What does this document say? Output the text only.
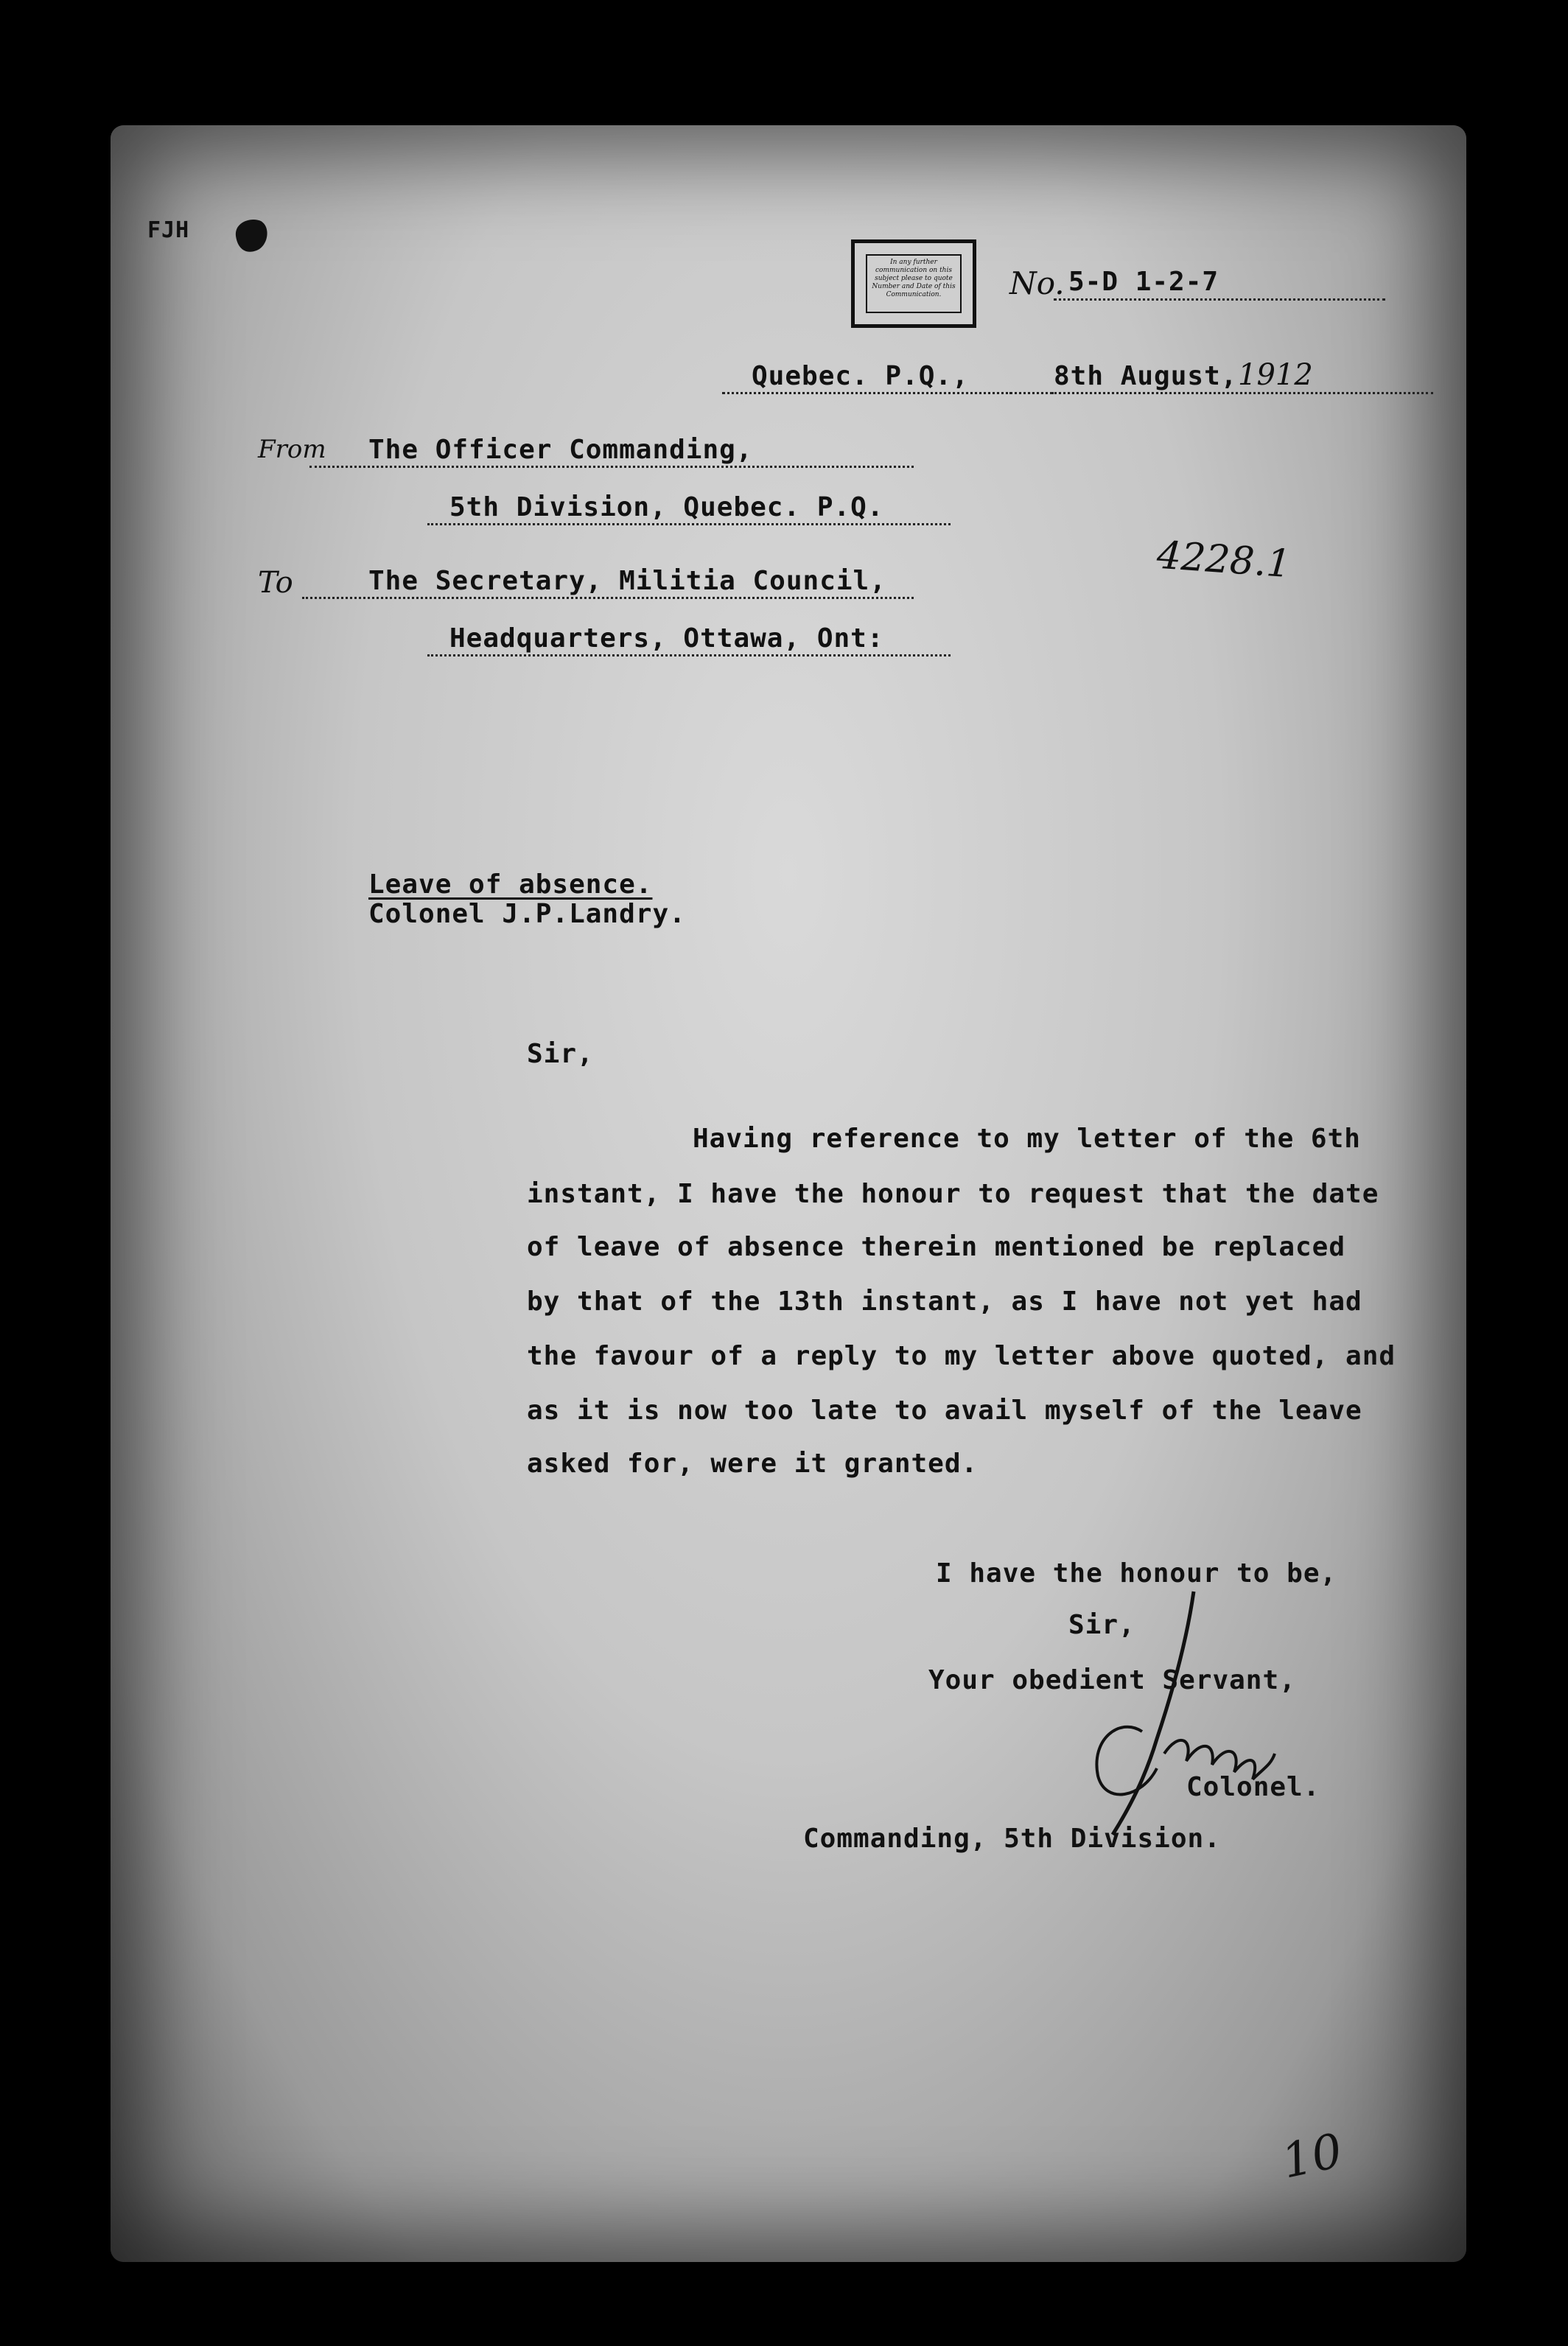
FJH
In any further communication on this subject please to quote Number and Date of this Communication.	No. 5-D 1-2-7
Quebec. P.Q.,	8th August, 1912
From The Officer Commanding,
5th Division, Quebec. P.Q.
4228.1
To	The Secretary, Militia Council,
Headquarters, Ottawa, Ont:
Leave of absence.
Colonel J.P.Landry.
Sir,
Having reference to my letter of the 6th
instant, I have the honour to request that the date
of leave of absence therein mentioned be replaced
by that of the 13th instant, as I have not yet had
the favour of a reply to my letter above quoted, and
as it is now too late to avail myself of the leave
asked for, were it granted.
I have the honour to be,
Sir,
Your obedient Servant,
Colonel.
Commanding, 5th Division.
10
